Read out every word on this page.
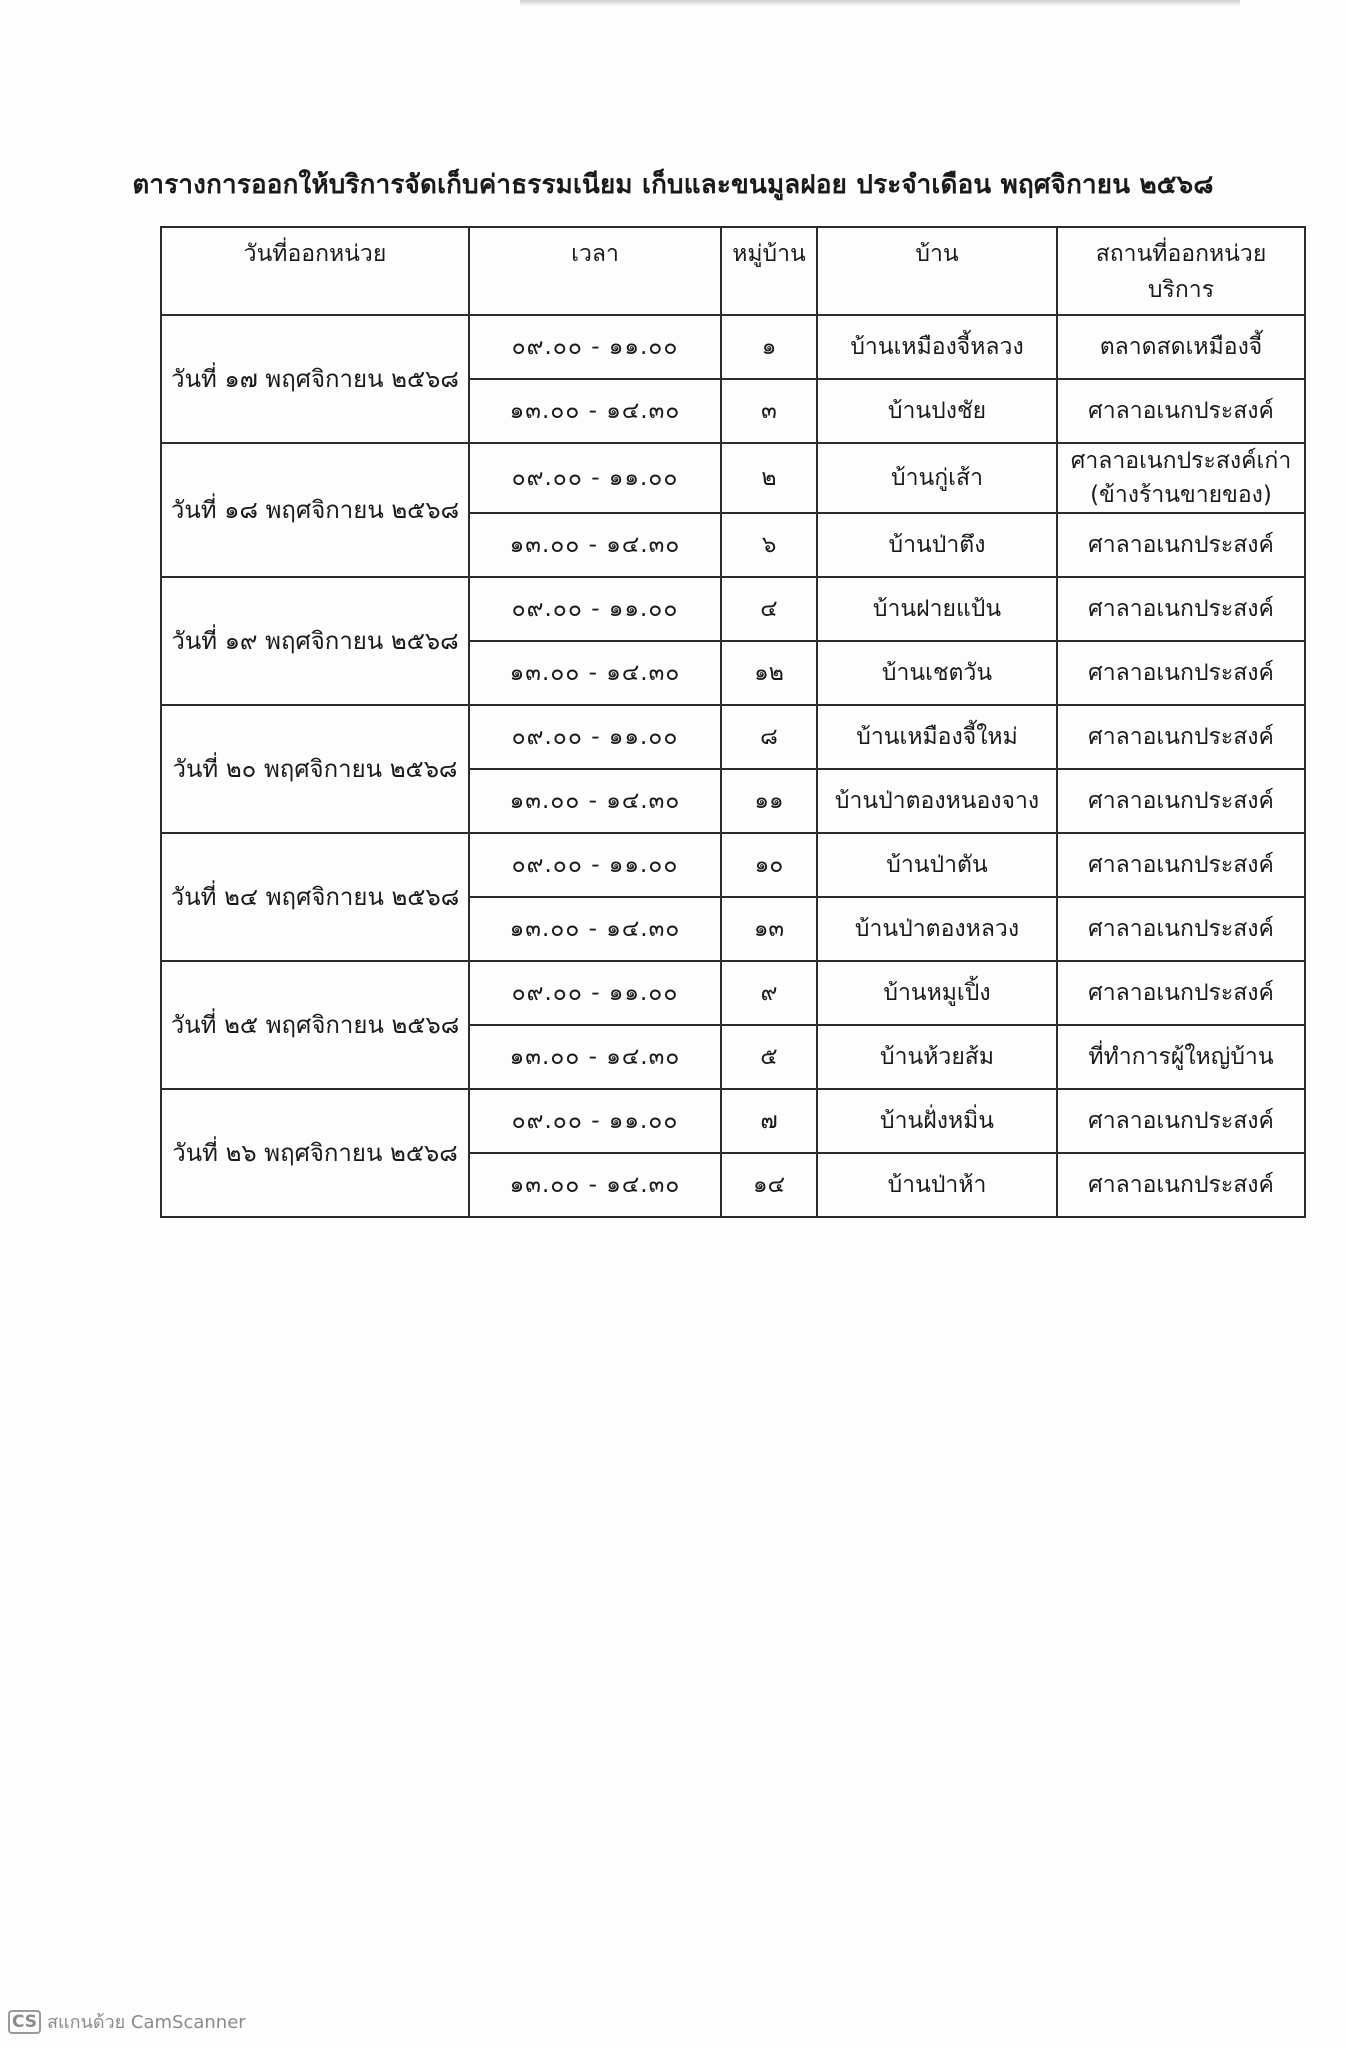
ตารางการออกให้บริการจัดเก็บค่าธรรมเนียม เก็บและขนมูลฝอย ประจำเดือน พฤศจิกายน ๒๕๖๘
วันที่ออกหน่วย	เวลา	หมู่บ้าน	บ้าน	สถานที่ออกหน่วยบริการ
วันที่ ๑๗ พฤศจิกายน ๒๕๖๘	๐๙.๐๐ - ๑๑.๐๐	๑	บ้านเหมืองจี้หลวง	ตลาดสดเหมืองจี้
	๑๓.๐๐ - ๑๔.๓๐	๓	บ้านปงชัย	ศาลาอเนกประสงค์
วันที่ ๑๘ พฤศจิกายน ๒๕๖๘	๐๙.๐๐ - ๑๑.๐๐	๒	บ้านกู่เส้า	ศาลาอเนกประสงค์เก่า (ข้างร้านขายของ)
	๑๓.๐๐ - ๑๔.๓๐	๖	บ้านป่าตึง	ศาลาอเนกประสงค์
วันที่ ๑๙ พฤศจิกายน ๒๕๖๘	๐๙.๐๐ - ๑๑.๐๐	๔	บ้านฝายแป้น	ศาลาอเนกประสงค์
	๑๓.๐๐ - ๑๔.๓๐	๑๒	บ้านเชตวัน	ศาลาอเนกประสงค์
วันที่ ๒๐ พฤศจิกายน ๒๕๖๘	๐๙.๐๐ - ๑๑.๐๐	๘	บ้านเหมืองจี้ใหม่	ศาลาอเนกประสงค์
	๑๓.๐๐ - ๑๔.๓๐	๑๑	บ้านป่าตองหนองจาง	ศาลาอเนกประสงค์
วันที่ ๒๔ พฤศจิกายน ๒๕๖๘	๐๙.๐๐ - ๑๑.๐๐	๑๐	บ้านป่าตัน	ศาลาอเนกประสงค์
	๑๓.๐๐ - ๑๔.๓๐	๑๓	บ้านป่าตองหลวง	ศาลาอเนกประสงค์
วันที่ ๒๕ พฤศจิกายน ๒๕๖๘	๐๙.๐๐ - ๑๑.๐๐	๙	บ้านหมูเปิ้ง	ศาลาอเนกประสงค์
	๑๓.๐๐ - ๑๔.๓๐	๕	บ้านห้วยส้ม	ที่ทำการผู้ใหญ่บ้าน
วันที่ ๒๖ พฤศจิกายน ๒๕๖๘	๐๙.๐๐ - ๑๑.๐๐	๗	บ้านฝั่งหมิ่น	ศาลาอเนกประสงค์
	๑๓.๐๐ - ๑๔.๓๐	๑๔	บ้านป่าห้า	ศาลาอเนกประสงค์
CS สแกนด้วย CamScanner
